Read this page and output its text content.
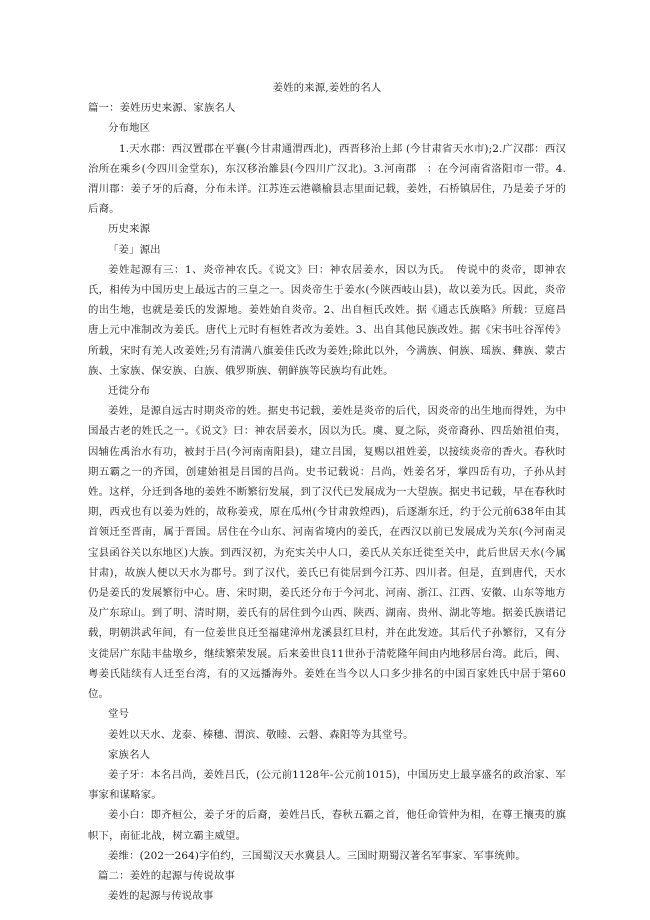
姜姓的来源,姜姓的名人

篇一：姜姓历史来源、家族名人

分布地区

1.天水郡：西汉置郡在平襄(今甘肃通渭西北)，西晋移治上邽 (今甘肃省天水市);2.广汉郡：西汉治所在乘乡(今四川金堂东)，东汉移治雒县(今四川广汉北)。3.河南郡　：在今河南省洛阳市一带。4.渭川郡：姜子牙的后裔，分布未详。江苏连云港赣榆县志里面记载，姜姓，石桥镇居住，乃是姜子牙的后裔。

历史来源

「姜」源出

姜姓起源有三：1、炎帝神农氏。《说文》曰：神农居姜水，因以为氏。　传说中的炎帝，即神农氏，相传为中国历史上最远古的三皇之一。因炎帝生于姜水(今陕西岐山县)，故以姜为氏。因此，炎帝的出生地，也就是姜氏的发源地。姜姓始自炎帝。2、出自桓氏改姓。据《通志氏族略》所载：豆庭昌唐上元中准制改为姜氏。唐代上元时有桓姓者改为姜姓。3、出自其他民族改姓。据《宋书吐谷浑传》所载，宋时有羌人改姜姓;另有清满八旗姜佳氏改为姜姓;除此以外，今满族、侗族、瑶族、彝族、蒙古族、土家族、保安族、白族、俄罗斯族、朝鲜族等民族均有此姓。

迁徙分布

姜姓，是源自远古时期炎帝的姓。据史书记载，姜姓是炎帝的后代，因炎帝的出生地而得姓，为中国最古老的姓氏之一。《说文》曰：神农居姜水，因以为氏。虞、夏之际，炎帝裔孙、四岳始祖伯夷，因辅佐禹治水有功，被封于吕(今河南南阳县)，建立吕国，复赐以祖姓姜，以接续炎帝的香火。春秋时期五霸之一的齐国，创建始祖是吕国的吕尚。史书记载说：吕尚，姓姜名牙，掌四岳有功，子孙从封姓。这样，分迁到各地的姜姓不断繁衍发展，到了汉代已发展成为一大望族。据史书记载，早在春秋时期，西戎也有以姜为姓的，故称姜戎，原在瓜州(今甘肃敦煌西)，后逐渐东迁，约于公元前638年由其首领迁至晋南，属于晋国。居住在今山东、河南省境内的姜氏，在西汉以前已发展成为关东(今河南灵宝县函谷关以东地区)大族。到西汉初，为充实关中人口，姜氏从关东迁徙至关中，此后世居天水(今属甘肃)，故族人便以天水为郡号。到了汉代，姜氏已有徙居到今江苏、四川者。但是，直到唐代，天水仍是姜氏的发展繁衍中心。唐、宋时期，姜氏还分布于今河北、河南、浙江、江西、安徽、山东等地方及广东琼山。到了明、清时期，姜氏有的居住到今山西、陕西、湖南、贵州、湖北等地。据姜氏族谱记载，明朝洪武年间，有一位姜世良迁至福建漳州龙溪县红旦村，并在此发迹。其后代子孙繁衍，又有分支徙居广东陆丰盐墩乡，继续繁荣发展。后来姜世良11世孙于清乾隆年间由内地移居台湾。此后，闽、粤姜氏陆续有人迁至台湾，有的又远播海外。姜姓在当今以人口多少排名的中国百家姓氏中居于第60位。

堂号

姜姓以天水、龙泰、榛穗、渭滨、敬睦、云磐、森阳等为其堂号。

家族名人

姜子牙：本名吕尚，姜姓吕氏，(公元前1128年-公元前1015)，中国历史上最享盛名的政治家、军事家和谋略家。

姜小白：即齐桓公，姜子牙的后裔，姜姓吕氏，春秋五霸之首，他任命管仲为相，在尊王攘夷的旗帜下，南征北战，树立霸主威望。

姜维：(202一264)字伯约，三国蜀汉天水冀县人。三国时期蜀汉著名军事家、军事统帅。

篇二：姜姓的起源与传说故事

姜姓的起源与传说故事
